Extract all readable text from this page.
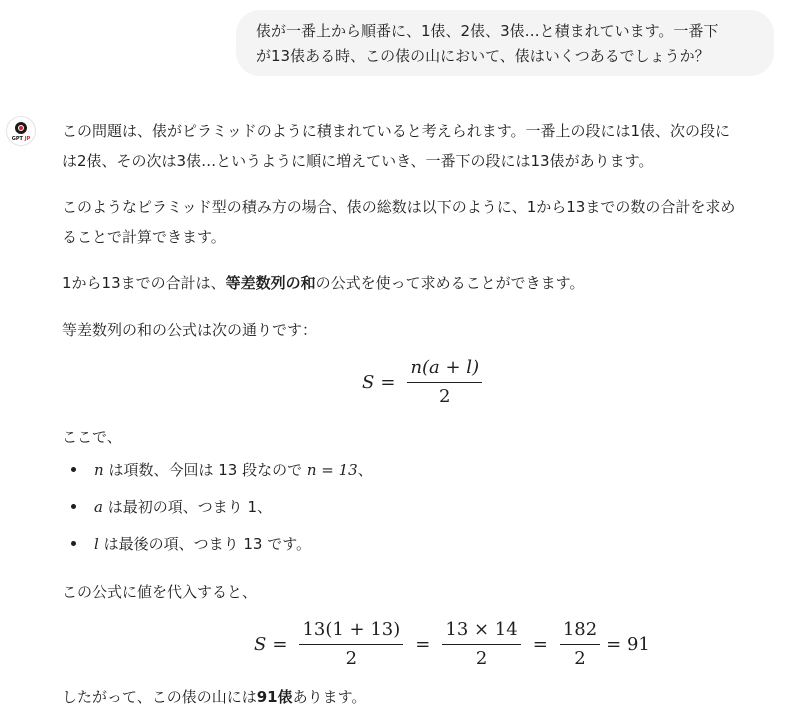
俵が一番上から順番に、1俵、2俵、3俵…と積まれています。一番下
が13俵ある時、この俵の山において、俵はいくつあるでしょうか？
GPT JP	この問題は、俵がピラミッドのように積まれていると考えられます。一番上の段には1俵、次の段に
は2俵、その次は3俵…というように順に増えていき、一番下の段には13俵があります。
このようなピラミッド型の積み方の場合、俵の総数は以下のように、1から13までの数の合計を求め
ることで計算できます。
1から13までの合計は、等差数列の和の公式を使って求めることができます。
等差数列の和の公式は次の通りです：
$S = \frac{n(a + l)}{2}$
ここで、
n は項数、今回は 13 段なので n = 13、
a は最初の項、つまり 1、
l は最後の項、つまり 13 です。
この公式に値を代入すると、
$S = \frac{13(1 + 13)}{2} = \frac{13 \times 14}{2} = \frac{182}{2} = 91$
したがって、この俵の山には91俵あります。
